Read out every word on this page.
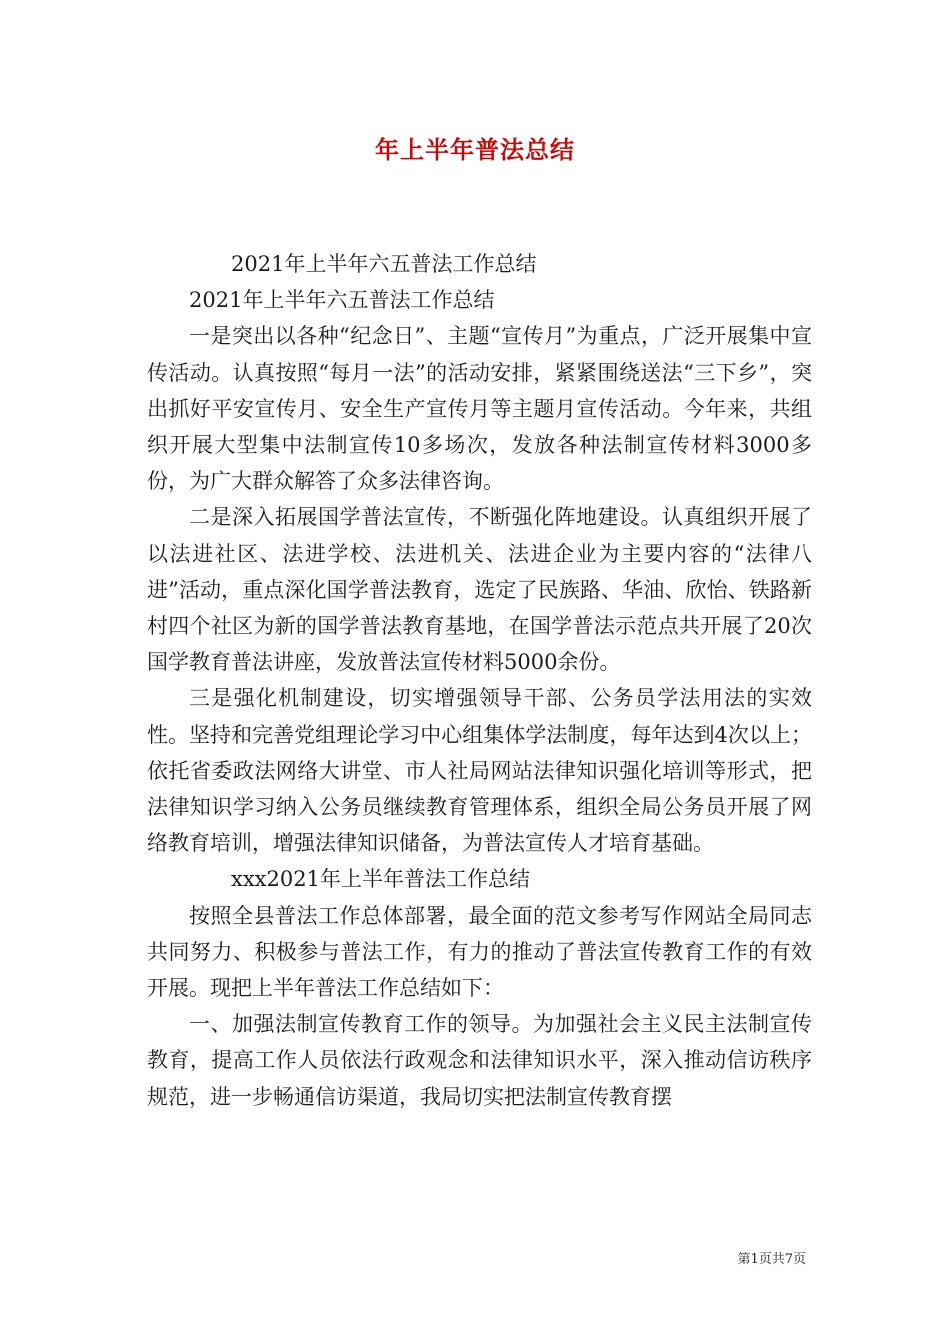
年上半年普法总结

2021年上半年六五普法工作总结

2021年上半年六五普法工作总结

一是突出以各种“纪念日”、主题“宣传月”为重点，广泛开展集中宣传活动。认真按照“每月一法”的活动安排，紧紧围绕送法“三下乡”，突出抓好平安宣传月、安全生产宣传月等主题月宣传活动。今年来，共组织开展大型集中法制宣传10多场次，发放各种法制宣传材料3000多份，为广大群众解答了众多法律咨询。

二是深入拓展国学普法宣传，不断强化阵地建设。认真组织开展了以法进社区、法进学校、法进机关、法进企业为主要内容的“法律八进”活动，重点深化国学普法教育，选定了民族路、华油、欣怡、铁路新村四个社区为新的国学普法教育基地，在国学普法示范点共开展了20次国学教育普法讲座，发放普法宣传材料5000余份。

三是强化机制建设，切实增强领导干部、公务员学法用法的实效性。坚持和完善党组理论学习中心组集体学法制度，每年达到4次以上；依托省委政法网络大讲堂、市人社局网站法律知识强化培训等形式，把法律知识学习纳入公务员继续教育管理体系，组织全局公务员开展了网络教育培训，增强法律知识储备，为普法宣传人才培育基础。

xxx2021年上半年普法工作总结

按照全县普法工作总体部署，最全面的范文参考写作网站全局同志共同努力、积极参与普法工作，有力的推动了普法宣传教育工作的有效开展。现把上半年普法工作总结如下：

一、加强法制宣传教育工作的领导。为加强社会主义民主法制宣传教育，提高工作人员依法行政观念和法律知识水平，深入推动信访秩序规范，进一步畅通信访渠道，我局切实把法制宣传教育摆

第1页共7页
